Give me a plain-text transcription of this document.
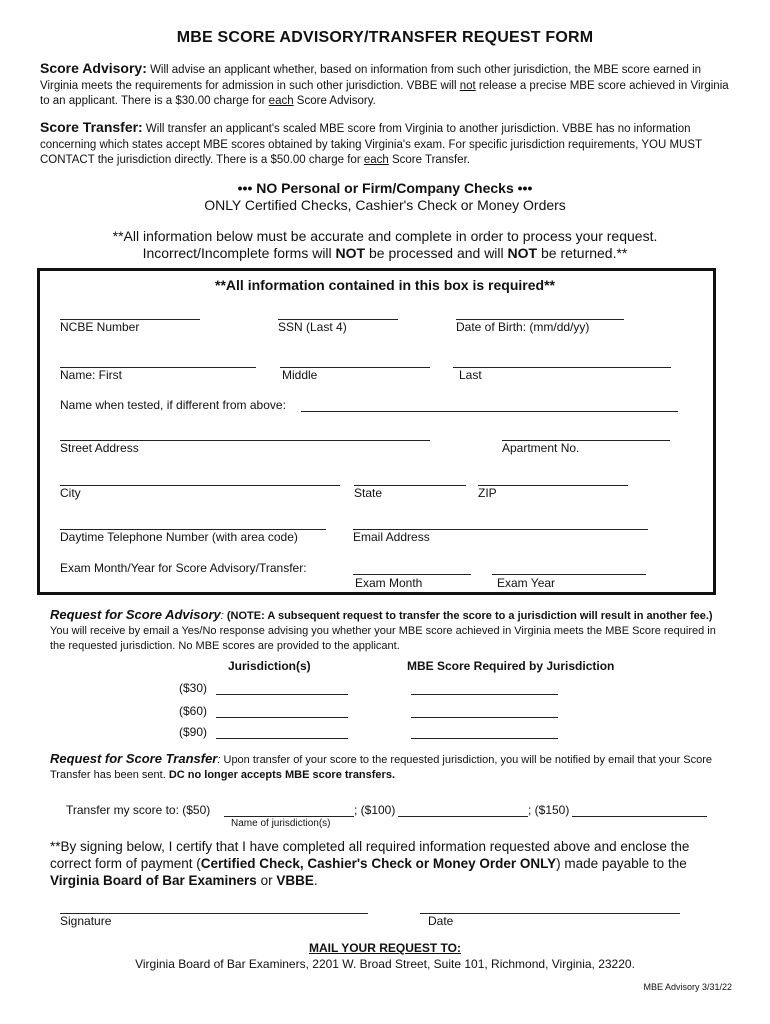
MBE SCORE ADVISORY/TRANSFER REQUEST FORM
Score Advisory: Will advise an applicant whether, based on information from such other jurisdiction, the MBE score earned in Virginia meets the requirements for admission in such other jurisdiction. VBBE will not release a precise MBE score achieved in Virginia to an applicant. There is a $30.00 charge for each Score Advisory.
Score Transfer: Will transfer an applicant's scaled MBE score from Virginia to another jurisdiction. VBBE has no information concerning which states accept MBE scores obtained by taking Virginia's exam. For specific jurisdiction requirements, YOU MUST CONTACT the jurisdiction directly. There is a $50.00 charge for each Score Transfer.
••• NO Personal or Firm/Company Checks •••
ONLY Certified Checks, Cashier's Check or Money Orders
**All information below must be accurate and complete in order to process your request.
Incorrect/Incomplete forms will NOT be processed and will NOT be returned.**
**All information contained in this box is required**
NCBE Number	SSN (Last 4)	Date of Birth: (mm/dd/yy)
Name: First	Middle	Last
Name when tested, if different from above:
Street Address	Apartment No.
City	State	ZIP
Daytime Telephone Number (with area code)	Email Address
Exam Month/Year for Score Advisory/Transfer:
Exam Month	Exam Year
Request for Score Advisory: (NOTE: A subsequent request to transfer the score to a jurisdiction will result in another fee.) You will receive by email a Yes/No response advising you whether your MBE score achieved in Virginia meets the MBE Score required in the requested jurisdiction. No MBE scores are provided to the applicant.
Jurisdiction(s)	MBE Score Required by Jurisdiction
($30)
($60)
($90)
Request for Score Transfer: Upon transfer of your score to the requested jurisdiction, you will be notified by email that your Score Transfer has been sent. DC no longer accepts MBE score transfers.
Transfer my score to: ($50)	; ($100)	; ($150)
Name of jurisdiction(s)
**By signing below, I certify that I have completed all required information requested above and enclose the correct form of payment (Certified Check, Cashier's Check or Money Order ONLY) made payable to the Virginia Board of Bar Examiners or VBBE.
Signature	Date
MAIL YOUR REQUEST TO:
Virginia Board of Bar Examiners, 2201 W. Broad Street, Suite 101, Richmond, Virginia, 23220.
MBE Advisory 3/31/22
